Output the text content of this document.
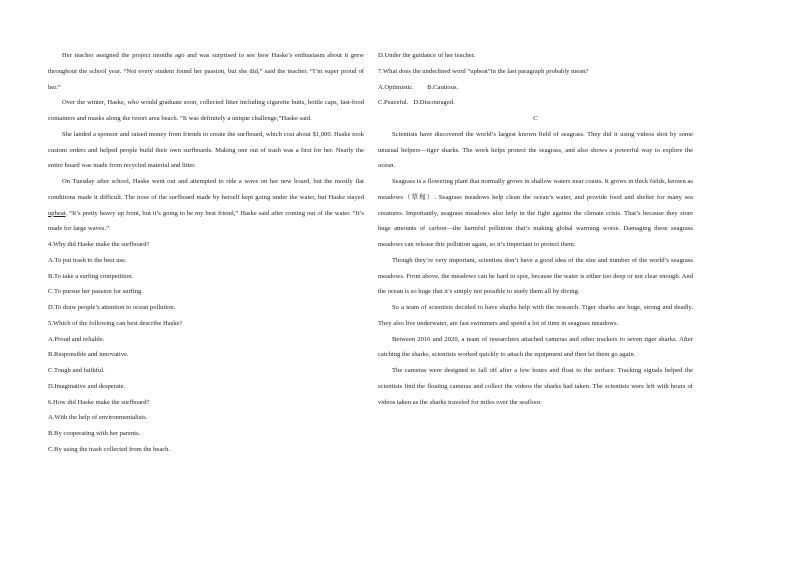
Her teacher assigned the project months ago and was surprised to see how Haske’s enthusiasm about it grew throughout the school year. “Not every student found her passion, but she did,” said the teacher. “I’m super proud of her.”

Over the winter, Haske, who would graduate soon, collected litter including cigarette butts, bottle caps, fast-food containers and masks along the resort area beach. “It was definitely a unique challenge,”Haske said.

She landed a sponsor and raised money from friends to create the surfboard, which cost about $1,000. Haske took custom orders and helped people build their own surfboards. Making one out of trash was a first for her. Nearly the entire board was made from recycled material and litter.

On Tuesday after school, Haske went out and attempted to ride a wave on her new board, but the mostly flat conditions made it difficult. The nose of the surfboard made by herself kept going under the water, but Haske stayed upbeat. “It’s pretty heavy up front, but it’s going to be my best friend,” Haske said after coming out of the water. “It’s made for large waves.”

4.Why did Haske make the surfboard?

A.To put trash to the best use.

B.To take a surfing competition.

C.To pursue her passion for surfing.

D.To draw people’s attention to ocean pollution.

5.Which of the following can best describe Haske?

A.Proud and reliable.

B.Responsible and innovative.

C.Tough and faithful.

D.Imaginative and desperate.

6.How did Haske make the surfboard?

A.With the help of environmentalists.

B.By cooperating with her parents.

C.By using the trash collected from the beach.

D.Under the guidance of her teacher.

7.What does the underlined word “upbeat”in the last paragraph probably mean?

A.Optimistic.        B.Cautious.

C.Peaceful.   D.Discouraged.

C

Scientists have discovered the world’s largest known field of seagrass. They did it using videos shot by some unusual helpers—tiger sharks. The work helps protect the seagrass, and also shows a powerful way to explore the ocean.

Seagrass is a flowering plant that normally grows in shallow waters near coasts. It grows in thick fields, known as meadows（草甸）. Seagrass meadows help clean the ocean’s water, and provide food and shelter for many sea creatures. Importantly, seagrass meadows also help in the fight against the climate crisis. That’s because they store huge amounts of carbon—the harmful pollution that’s making global warming worse. Damaging these seagrass meadows can release this pollution again, so it’s important to protect them.

Though they’re very important, scientists don’t have a good idea of the size and number of the world’s seagrass meadows. From above, the meadows can be hard to spot, because the water is either too deep or not clear enough. And the ocean is so huge that it’s simply not possible to study them all by diving.

So a team of scientists decided to have sharks help with the research. Tiger sharks are huge, strong and deadly. They also live underwater, are fast swimmers and spend a lot of time in seagrass meadows.

Between 2016 and 2020, a team of researchers attached cameras and other trackers to seven tiger sharks. After catching the sharks, scientists worked quickly to attach the equipment and then let them go again.

The cameras were designed to fall off after a few hours and float to the surface. Tracking signals helped the scientists find the floating cameras and collect the videos the sharks had taken. The scientists were left with hours of videos taken as the sharks traveled for miles over the seafloor.
